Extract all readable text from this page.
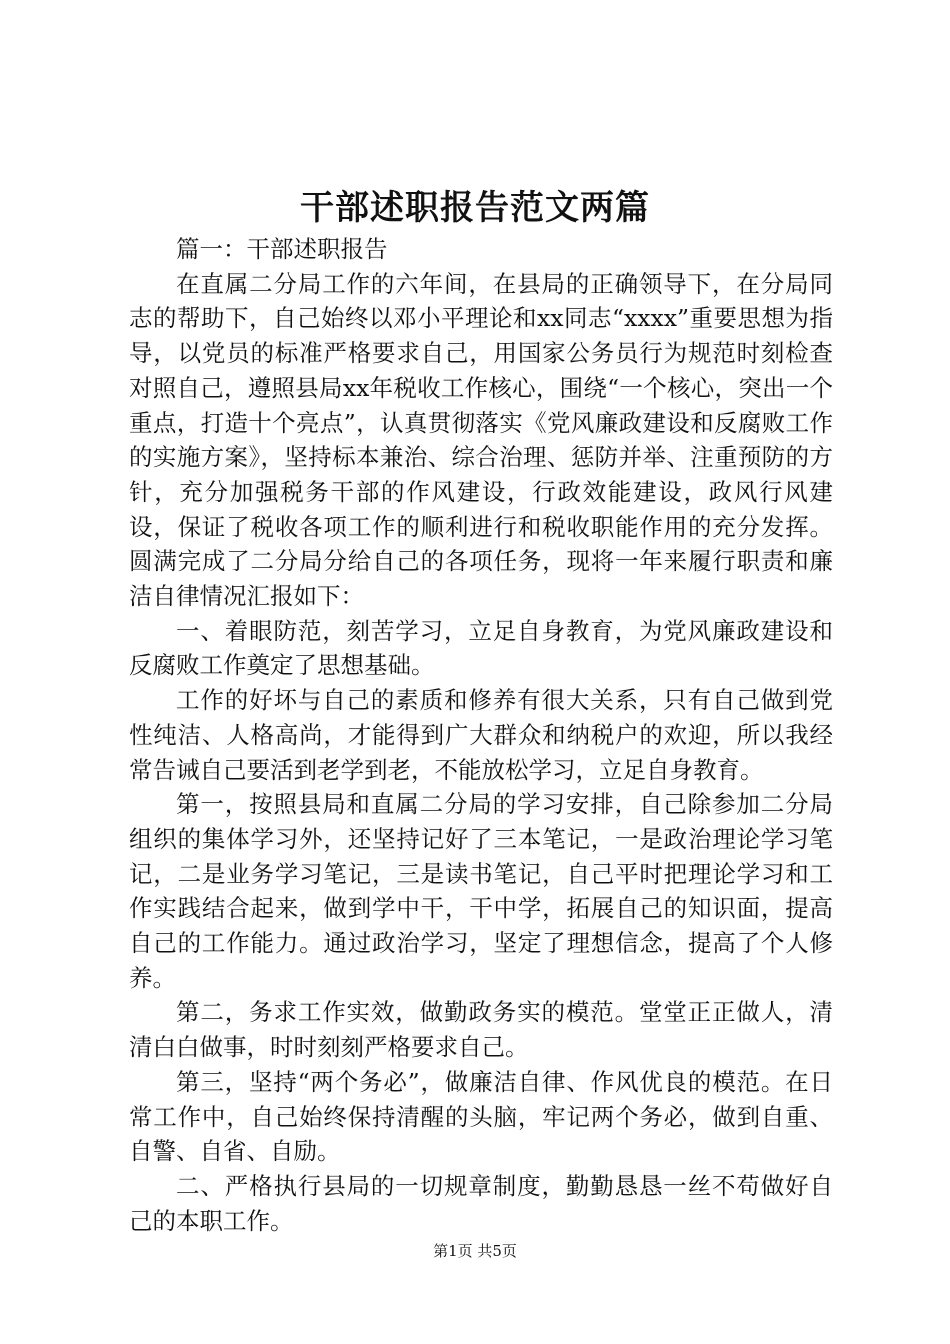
干部述职报告范文两篇

篇一：干部述职报告

在直属二分局工作的六年间，在县局的正确领导下，在分局同志的帮助下，自己始终以邓小平理论和xx同志“xxxx”重要思想为指导，以党员的标准严格要求自己，用国家公务员行为规范时刻检查对照自己，遵照县局xx年税收工作核心，围绕“一个核心，突出一个重点，打造十个亮点”，认真贯彻落实《党风廉政建设和反腐败工作的实施方案》，坚持标本兼治、综合治理、惩防并举、注重预防的方针，充分加强税务干部的作风建设，行政效能建设，政风行风建设，保证了税收各项工作的顺利进行和税收职能作用的充分发挥。圆满完成了二分局分给自己的各项任务，现将一年来履行职责和廉洁自律情况汇报如下：

一、着眼防范，刻苦学习，立足自身教育，为党风廉政建设和反腐败工作奠定了思想基础。

工作的好坏与自己的素质和修养有很大关系，只有自己做到党性纯洁、人格高尚，才能得到广大群众和纳税户的欢迎，所以我经常告诫自己要活到老学到老，不能放松学习，立足自身教育。

第一，按照县局和直属二分局的学习安排，自己除参加二分局组织的集体学习外，还坚持记好了三本笔记，一是政治理论学习笔记，二是业务学习笔记，三是读书笔记，自己平时把理论学习和工作实践结合起来，做到学中干，干中学，拓展自己的知识面，提高自己的工作能力。通过政治学习，坚定了理想信念，提高了个人修养。

第二，务求工作实效，做勤政务实的模范。堂堂正正做人，清清白白做事，时时刻刻严格要求自己。

第三，坚持“两个务必”，做廉洁自律、作风优良的模范。在日常工作中，自己始终保持清醒的头脑，牢记两个务必，做到自重、自警、自省、自励。

二、严格执行县局的一切规章制度，勤勤恳恳一丝不苟做好自己的本职工作。

第1页 共5页
